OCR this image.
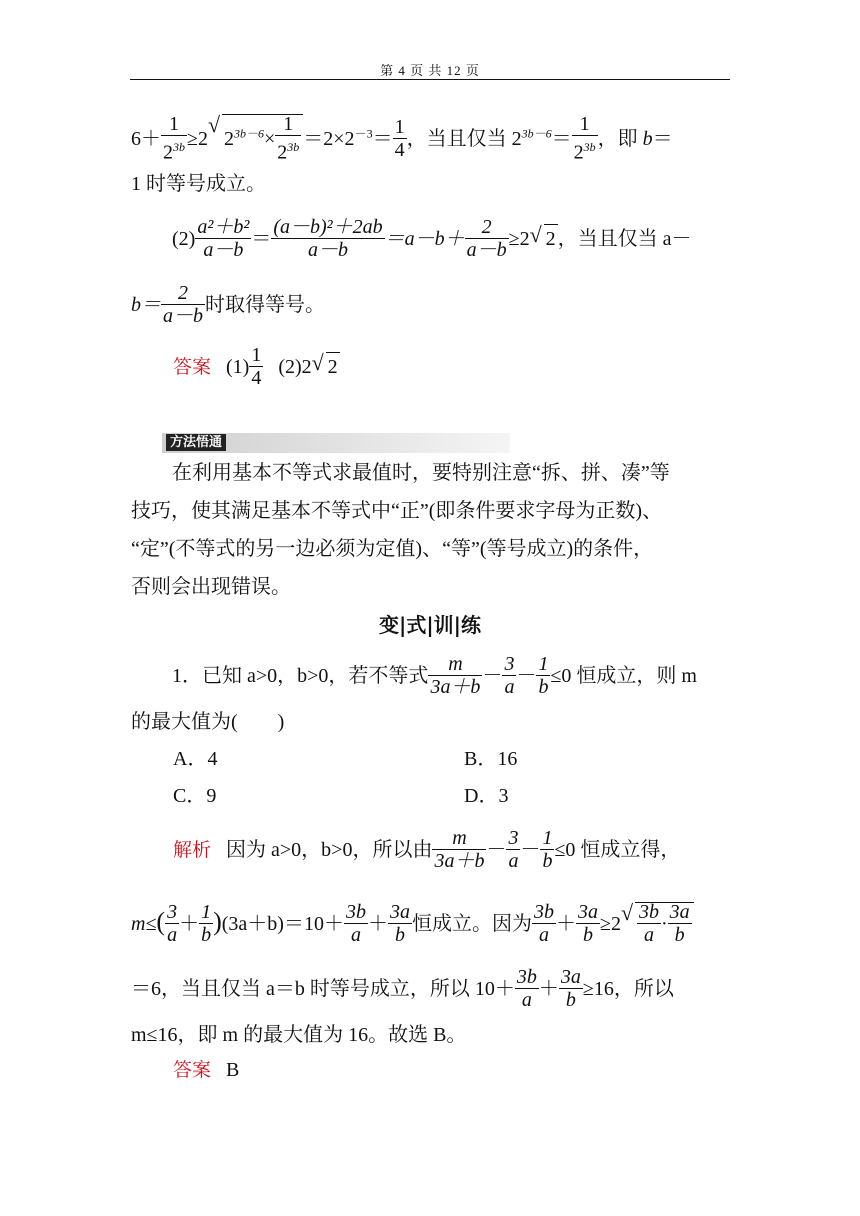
第 4 页 共 12 页
$6+ \frac{1}{2^{3b}} \ge 2√$ $2^{3b-6}\times \frac{1}{2^{3b}} =2\times 2^{-3}= \frac{1}{4}$ ，当且仅当 $2^{3b-6}= \frac{1}{2^{3b}}$ ，即 b＝
1 时等号成立。
$(2) \frac{\text{a²＋b²}}{a-b} = \frac{\text{(a－b)²＋2ab}}{a-b} =a-b+ \frac{2}{a-b} \ge 2√$ 2 ，当且仅当 a－
$b= \frac{2}{a-b}$ 时取得等号。
答案 $(1) \frac{1}{4} (2)2√$ 2
方法悟通
在利用基本不等式求最值时，要特别注意“拆、拼、凑”等
技巧，使其满足基本不等式中“正”(即条件要求字母为正数)、
“定”(不等式的另一边必须为定值)、“等”(等号成立)的条件，
否则会出现错误。
变|式|训|练
1．已知 a>0，b>0，若不等式 $\frac{m}{3a+b} - \frac{3}{a} - \frac{1}{b} \le 0$ 恒成立，则 m
的最大值为(　　)
A．4	B．16
C．9	D．3
解析 因为 a>0，b>0，所以由 $\frac{m}{3a+b} - \frac{3}{a} - \frac{1}{b} \le 0$ 恒成立得，
$m\le( \frac{3}{a} + \frac{1}{b} )(3a+b)=10+ \frac{3b}{a} + \frac{3a}{b}$ 恒成立。因为 $\frac{3b}{a} + \frac{3a}{b} \ge 2$
√ $\frac{3b}{a} \cdot \frac{3a}{b}$
＝6，当且仅当 a＝b 时等号成立，所以 $10+ \frac{3b}{a} + \frac{3a}{b} \ge 16$，所以
m≤16，即 m 的最大值为 16。故选 B。
答案 B
